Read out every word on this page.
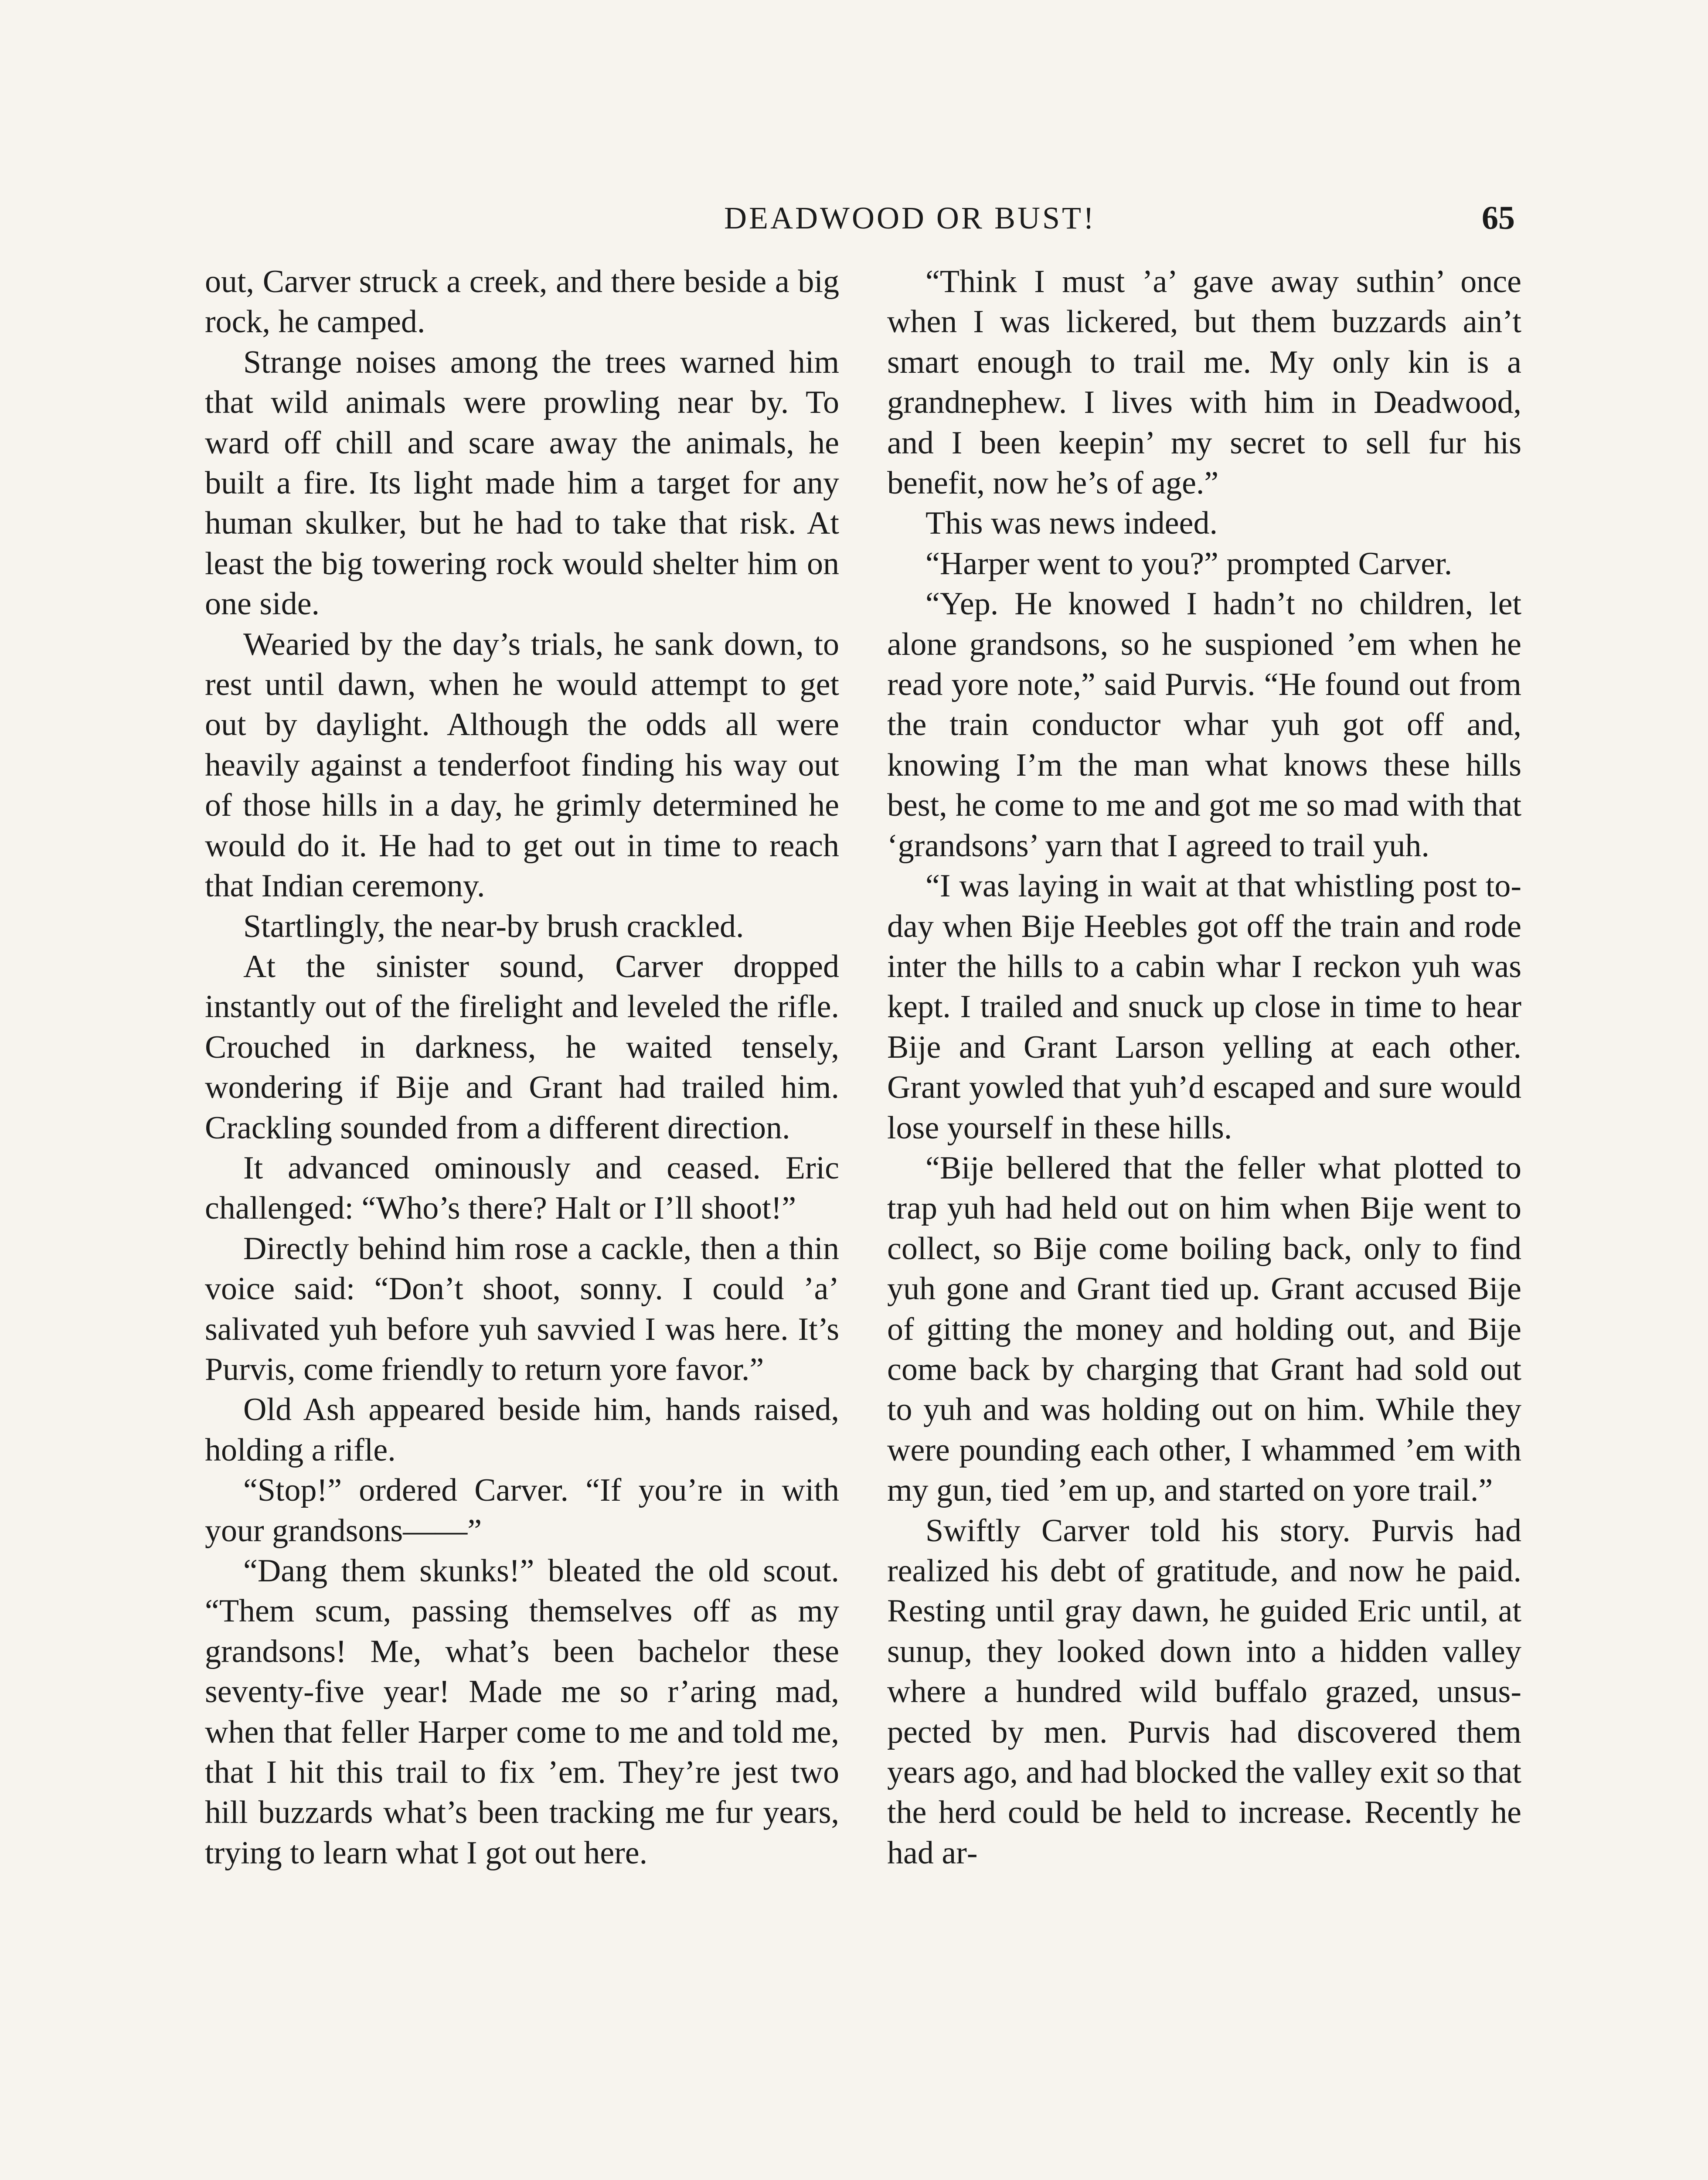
DEADWOOD OR BUST!	65

out, Carver struck a creek, and there beside a big rock, he camped.

Strange noises among the trees warned him that wild animals were prowling near by. To ward off chill and scare away the animals, he built a fire. Its light made him a target for any human skulker, but he had to take that risk. At least the big towering rock would shelter him on one side.

Wearied by the day’s trials, he sank down, to rest until dawn, when he would attempt to get out by daylight. Although the odds all were heavily against a tenderfoot finding his way out of those hills in a day, he grimly determined he would do it. He had to get out in time to reach that Indian ceremony.

Startlingly, the near-by brush crackled.

At the sinister sound, Carver dropped instantly out of the firelight and leveled the rifle. Crouched in darkness, he waited tensely, wondering if Bije and Grant had trailed him. Crackling sounded from a different direction.

It advanced ominously and ceased. Eric challenged: “Who’s there? Halt or I’ll shoot!”

Directly behind him rose a cackle, then a thin voice said: “Don’t shoot, sonny. I could ’a’ salivated yuh before yuh savvied I was here. It’s Purvis, come friendly to return yore favor.”

Old Ash appeared beside him, hands raised, holding a rifle.

“Stop!” ordered Carver. “If you’re in with your grandsons——”

“Dang them skunks!” bleated the old scout. “Them scum, passing themselves off as my grandsons! Me, what’s been bachelor these seventy-five year! Made me so r’aring mad, when that feller Harper come to me and told me, that I hit this trail to fix ’em. They’re jest two hill buzzards what’s been tracking me fur years, trying to learn what I got out here.

“Think I must ’a’ gave away suthin’ once when I was lickered, but them buzzards ain’t smart enough to trail me. My only kin is a grandnephew. I lives with him in Deadwood, and I been keepin’ my secret to sell fur his benefit, now he’s of age.”

This was news indeed.

“Harper went to you?” prompted Carver.

“Yep. He knowed I hadn’t no children, let alone grandsons, so he suspioned ’em when he read yore note,” said Purvis. “He found out from the train conductor whar yuh got off and, knowing I’m the man what knows these hills best, he come to me and got me so mad with that ‘grandsons’ yarn that I agreed to trail yuh.

“I was laying in wait at that whistling post to-day when Bije Heebles got off the train and rode inter the hills to a cabin whar I reckon yuh was kept. I trailed and snuck up close in time to hear Bije and Grant Larson yelling at each other. Grant yowled that yuh’d escaped and sure would lose yourself in these hills.

“Bije bellered that the feller what plotted to trap yuh had held out on him when Bije went to collect, so Bije come boiling back, only to find yuh gone and Grant tied up. Grant accused Bije of gitting the money and holding out, and Bije come back by charging that Grant had sold out to yuh and was holding out on him. While they were pounding each other, I whammed ’em with my gun, tied ’em up, and started on yore trail.”

Swiftly Carver told his story. Purvis had realized his debt of gratitude, and now he paid. Resting until gray dawn, he guided Eric until, at sunup, they looked down into a hidden valley where a hundred wild buffalo grazed, unsuspected by men. Purvis had discovered them years ago, and had blocked the valley exit so that the herd could be held to increase. Recently he had ar‑
